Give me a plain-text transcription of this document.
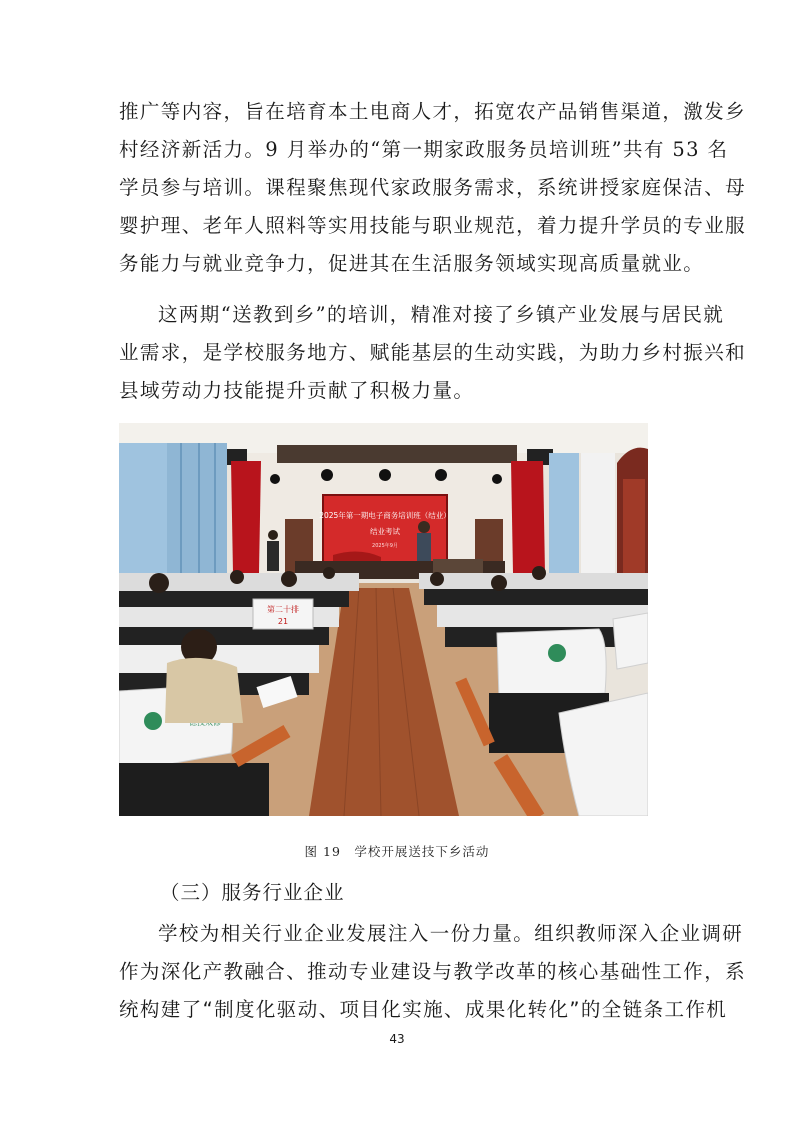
推广等内容，旨在培育本土电商人才，拓宽农产品销售渠道，激发乡
村经济新活力。9 月举办的“第一期家政服务员培训班”共有 53 名
学员参与培训。课程聚焦现代家政服务需求，系统讲授家庭保洁、母
婴护理、老年人照料等实用技能与职业规范，着力提升学员的专业服
务能力与就业竞争力，促进其在生活服务领域实现高质量就业。
这两期“送教到乡”的培训，精准对接了乡镇产业发展与居民就
业需求，是学校服务地方、赋能基层的生动实践，为助力乡村振兴和
县域劳动力技能提升贡献了积极力量。
2025年第一期电子商务培训班（结业）
结业考试
2025年9月
第二十排
21
图 19　学校开展送技下乡活动
（三）服务行业企业
学校为相关行业企业发展注入一份力量。组织教师深入企业调研
作为深化产教融合、推动专业建设与教学改革的核心基础性工作，系
统构建了“制度化驱动、项目化实施、成果化转化”的全链条工作机
43
